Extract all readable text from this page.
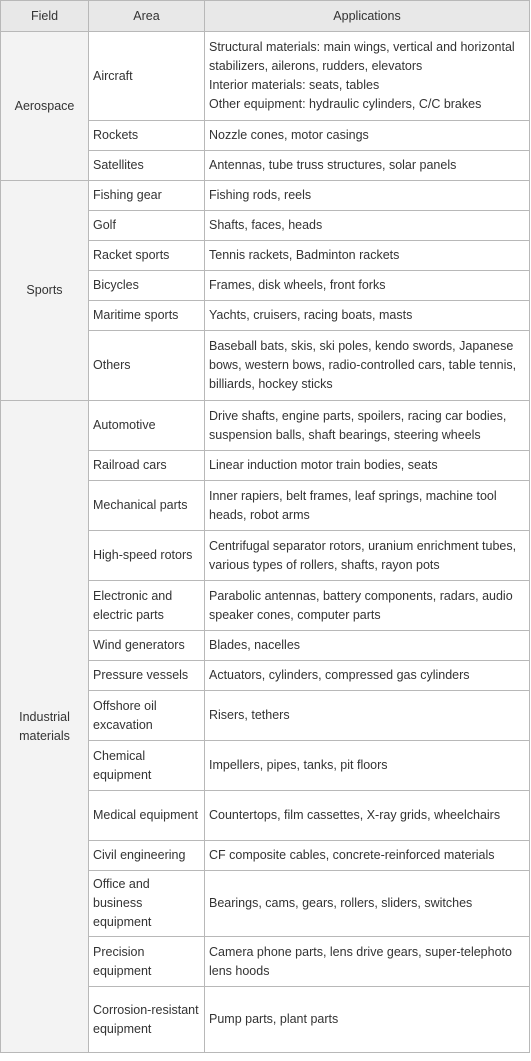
Field	Area	Applications
Aerospace	Aircraft	Structural materials: main wings, vertical and horizontal stabilizers, ailerons, rudders, elevators
Interior materials: seats, tables
Other equipment: hydraulic cylinders, C/C brakes
	Rockets	Nozzle cones, motor casings
	Satellites	Antennas, tube truss structures, solar panels
Sports	Fishing gear	Fishing rods, reels
	Golf	Shafts, faces, heads
	Racket sports	Tennis rackets, Badminton rackets
	Bicycles	Frames, disk wheels, front forks
	Maritime sports	Yachts, cruisers, racing boats, masts
	Others	Baseball bats, skis, ski poles, kendo swords, Japanese bows, western bows, radio-controlled cars, table tennis, billiards, hockey sticks
Industrial materials	Automotive	Drive shafts, engine parts, spoilers, racing car bodies, suspension balls, shaft bearings, steering wheels
	Railroad cars	Linear induction motor train bodies, seats
	Mechanical parts	Inner rapiers, belt frames, leaf springs, machine tool heads, robot arms
	High-speed rotors	Centrifugal separator rotors, uranium enrichment tubes, various types of rollers, shafts, rayon pots
	Electronic and electric parts	Parabolic antennas, battery components, radars, audio speaker cones, computer parts
	Wind generators	Blades, nacelles
	Pressure vessels	Actuators, cylinders, compressed gas cylinders
	Offshore oil excavation	Risers, tethers
	Chemical equipment	Impellers, pipes, tanks, pit floors
	Medical equipment	Countertops, film cassettes, X-ray grids, wheelchairs
	Civil engineering	CF composite cables, concrete-reinforced materials
	Office and business equipment	Bearings, cams, gears, rollers, sliders, switches
	Precision equipment	Camera phone parts, lens drive gears, super-telephoto lens hoods
	Corrosion-resistant equipment	Pump parts, plant parts
